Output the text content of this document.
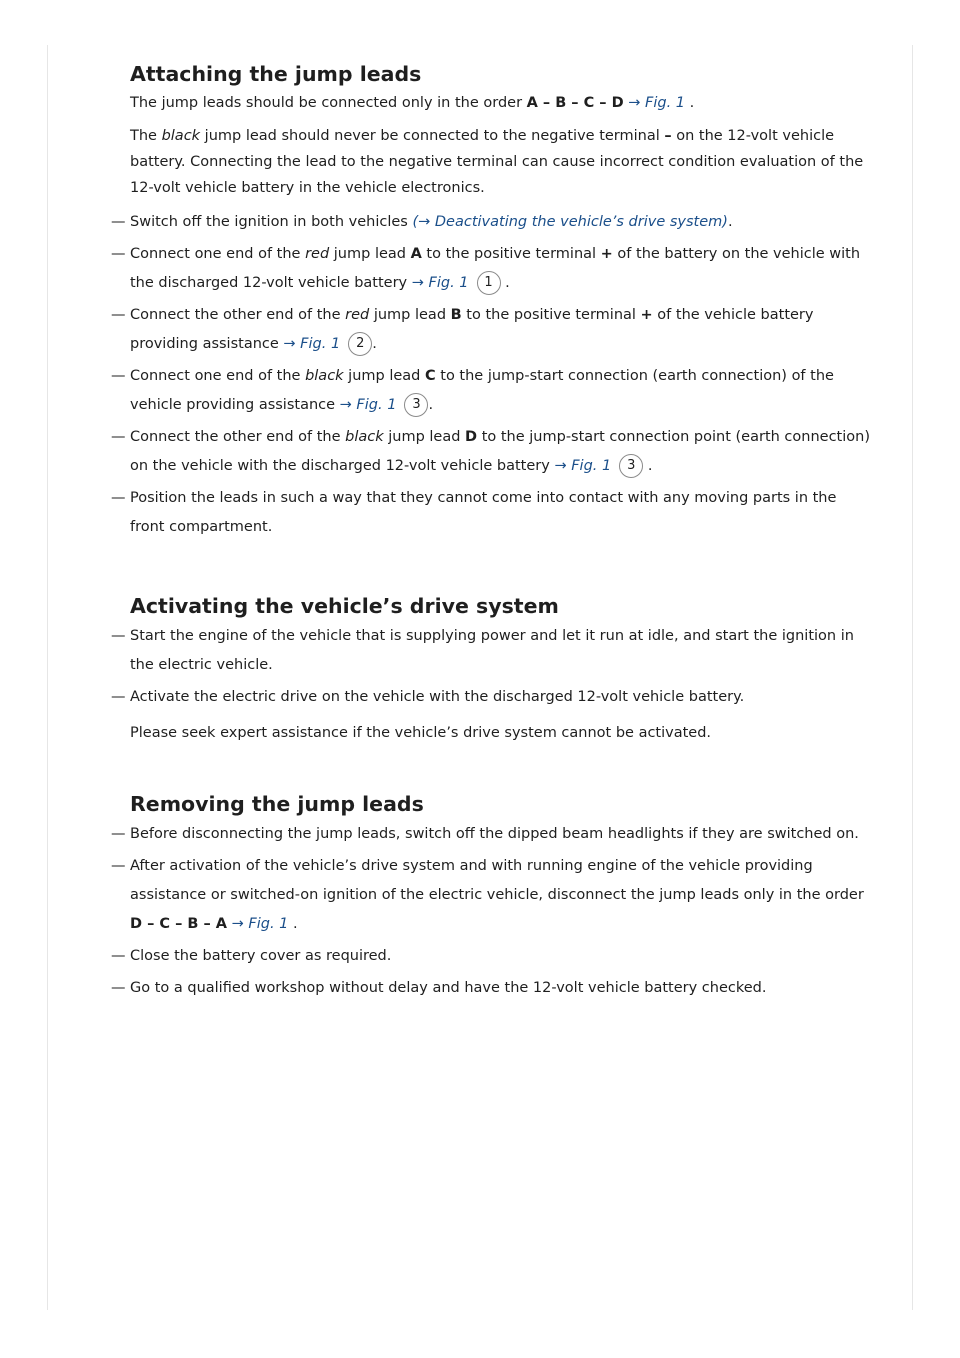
Attaching the jump leads

The jump leads should be connected only in the order A – B – C – D → Fig. 1 .

The black jump lead should never be connected to the negative terminal – on the 12-volt vehicle battery. Connecting the lead to the negative terminal can cause incorrect condition evaluation of the 12-volt vehicle battery in the vehicle electronics.

— Switch off the ignition in both vehicles (→ Deactivating the vehicle’s drive system).
— Connect one end of the red jump lead A to the positive terminal + of the battery on the vehicle with the discharged 12-volt vehicle battery → Fig. 1 1 .
— Connect the other end of the red jump lead B to the positive terminal + of the vehicle battery providing assistance → Fig. 1 2 .
— Connect one end of the black jump lead C to the jump-start connection (earth connection) of the vehicle providing assistance → Fig. 1 3 .
— Connect the other end of the black jump lead D to the jump-start connection point (earth connection) on the vehicle with the discharged 12-volt vehicle battery → Fig. 1 3 .
— Position the leads in such a way that they cannot come into contact with any moving parts in the front compartment.
Activating the vehicle’s drive system
— Start the engine of the vehicle that is supplying power and let it run at idle, and start the ignition in the electric vehicle.
— Activate the electric drive on the vehicle with the discharged 12-volt vehicle battery.

Please seek expert assistance if the vehicle’s drive system cannot be activated.

Removing the jump leads
— Before disconnecting the jump leads, switch off the dipped beam headlights if they are switched on.
— After activation of the vehicle’s drive system and with running engine of the vehicle providing assistance or switched-on ignition of the electric vehicle, disconnect the jump leads only in the order D – C – B – A → Fig. 1 .
— Close the battery cover as required.
— Go to a qualified workshop without delay and have the 12-volt vehicle battery checked.
